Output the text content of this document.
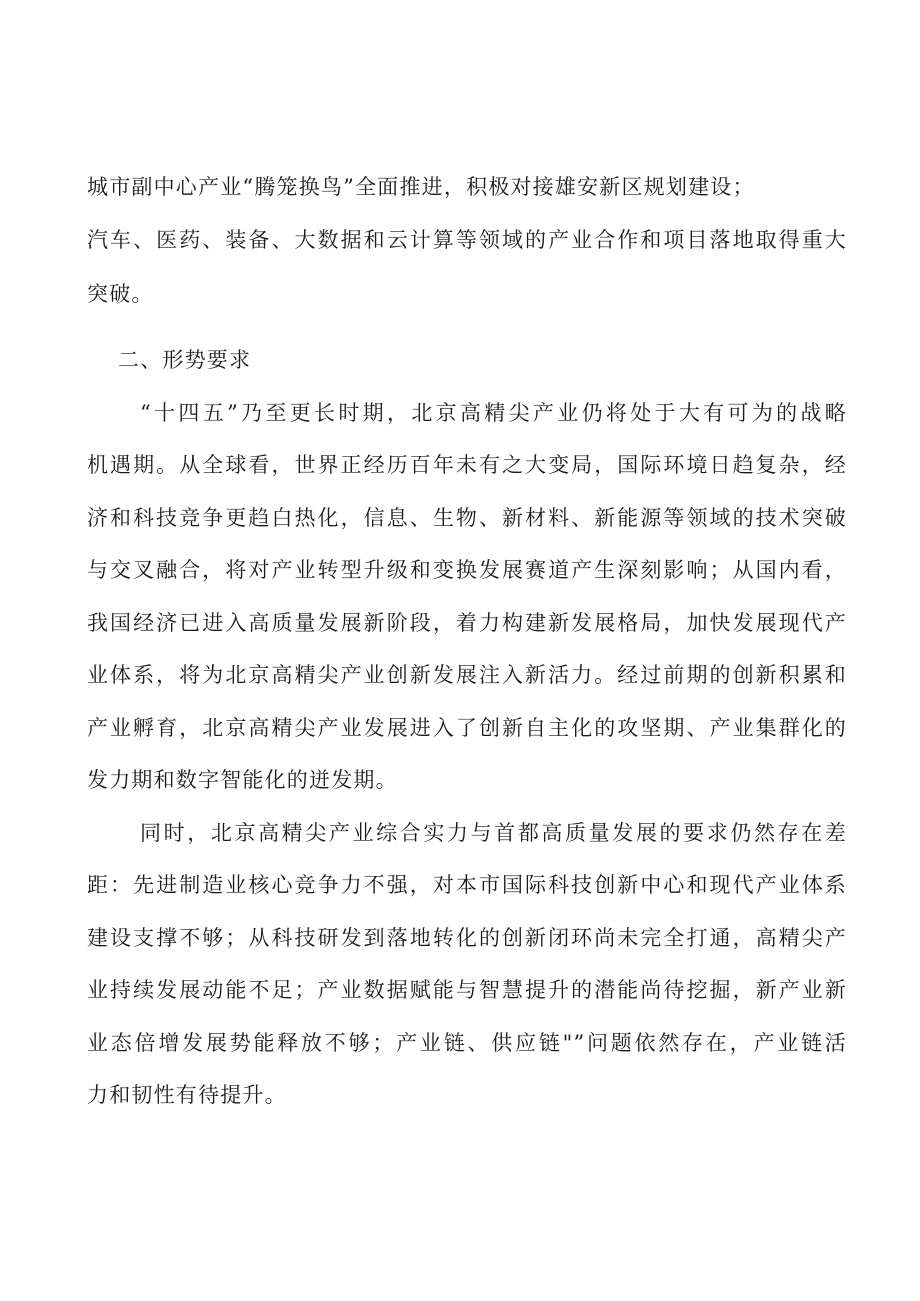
城市副中心产业“腾笼换鸟”全面推进，积极对接雄安新区规划建设；

汽车、医药、装备、大数据和云计算等领域的产业合作和项目落地取得重大

突破。

二、形势要求

“十四五”乃至更长时期，北京高精尖产业仍将处于大有可为的战略

机遇期。从全球看，世界正经历百年未有之大变局，国际环境日趋复杂，经

济和科技竞争更趋白热化，信息、生物、新材料、新能源等领域的技术突破

与交叉融合，将对产业转型升级和变换发展赛道产生深刻影响；从国内看，

我国经济已进入高质量发展新阶段，着力构建新发展格局，加快发展现代产

业体系，将为北京高精尖产业创新发展注入新活力。经过前期的创新积累和

产业孵育，北京高精尖产业发展进入了创新自主化的攻坚期、产业集群化的

发力期和数字智能化的迸发期。

同时，北京高精尖产业综合实力与首都高质量发展的要求仍然存在差

距：先进制造业核心竞争力不强，对本市国际科技创新中心和现代产业体系

建设支撑不够；从科技研发到落地转化的创新闭环尚未完全打通，高精尖产

业持续发展动能不足；产业数据赋能与智慧提升的潜能尚待挖掘，新产业新

业态倍增发展势能释放不够；产业链、供应链"”问题依然存在，产业链活

力和韧性有待提升。
